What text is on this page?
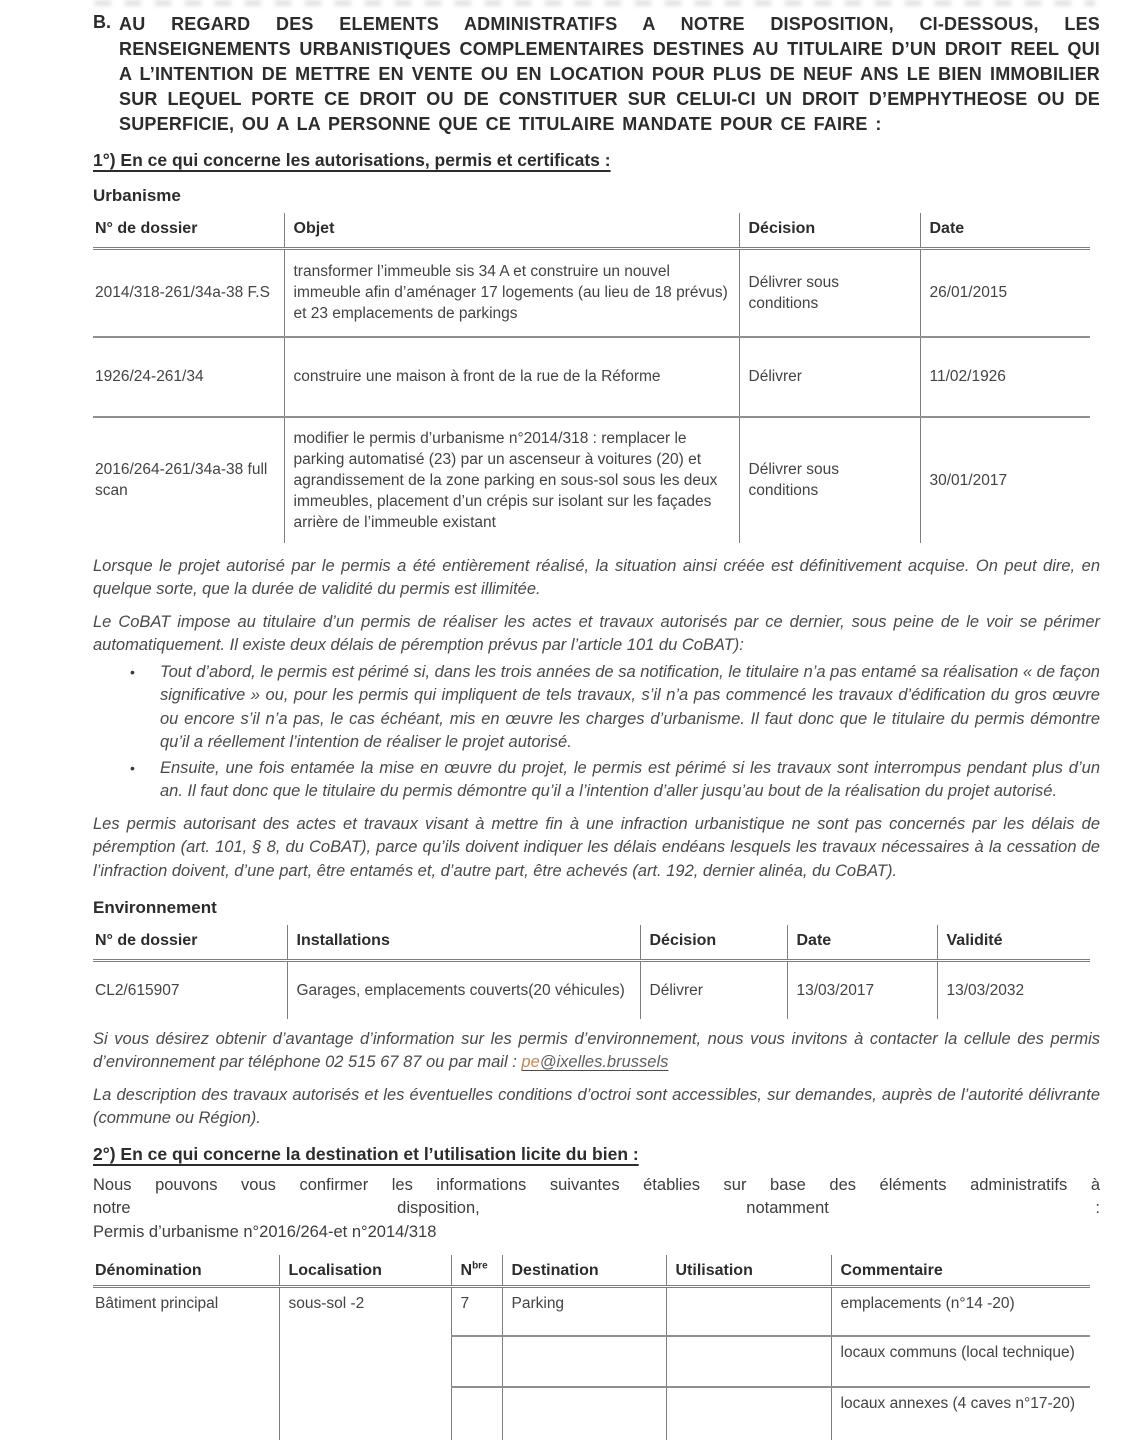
B. AU REGARD DES ELEMENTS ADMINISTRATIFS A NOTRE DISPOSITION, CI-DESSOUS, LES RENSEIGNEMENTS URBANISTIQUES COMPLEMENTAIRES DESTINES AU TITULAIRE D’UN DROIT REEL QUI A L’INTENTION DE METTRE EN VENTE OU EN LOCATION POUR PLUS DE NEUF ANS LE BIEN IMMOBILIER SUR LEQUEL PORTE CE DROIT OU DE CONSTITUER SUR CELUI-CI UN DROIT D’EMPHYTHEOSE OU DE SUPERFICIE, OU A LA PERSONNE QUE CE TITULAIRE MANDATE POUR CE FAIRE :
1°) En ce qui concerne les autorisations, permis et certificats :
Urbanisme
N° de dossier	Objet	Décision	Date
2014/318-261/34a-38 F.S	transformer l’immeuble sis 34 A et construire un nouvel immeuble afin d’aménager 17 logements (au lieu de 18 prévus) et 23 emplacements de parkings	Délivrer sous conditions	26/01/2015
1926/24-261/34	construire une maison à front de la rue de la Réforme	Délivrer	11/02/1926
2016/264-261/34a-38 full scan	modifier le permis d’urbanisme n°2014/318 : remplacer le parking automatisé (23) par un ascenseur à voitures (20) et agrandissement de la zone parking en sous-sol sous les deux immeubles, placement d’un crépis sur isolant sur les façades arrière de l’immeuble existant	Délivrer sous conditions	30/01/2017

Lorsque le projet autorisé par le permis a été entièrement réalisé, la situation ainsi créée est définitivement acquise. On peut dire, en quelque sorte, que la durée de validité du permis est illimitée.

Le CoBAT impose au titulaire d’un permis de réaliser les actes et travaux autorisés par ce dernier, sous peine de le voir se périmer automatiquement. Il existe deux délais de péremption prévus par l’article 101 du CoBAT):

• Tout d’abord, le permis est périmé si, dans les trois années de sa notification, le titulaire n’a pas entamé sa réalisation « de façon significative » ou, pour les permis qui impliquent de tels travaux, s’il n’a pas commencé les travaux d’édification du gros œuvre ou encore s’il n’a pas, le cas échéant, mis en œuvre les charges d’urbanisme. Il faut donc que le titulaire du permis démontre qu’il a réellement l’intention de réaliser le projet autorisé.
• Ensuite, une fois entamée la mise en œuvre du projet, le permis est périmé si les travaux sont interrompus pendant plus d’un an. Il faut donc que le titulaire du permis démontre qu’il a l’intention d’aller jusqu’au bout de la réalisation du projet autorisé.

Les permis autorisant des actes et travaux visant à mettre fin à une infraction urbanistique ne sont pas concernés par les délais de péremption (art. 101, § 8, du CoBAT), parce qu’ils doivent indiquer les délais endéans lesquels les travaux nécessaires à la cessation de l’infraction doivent, d’une part, être entamés et, d’autre part, être achevés (art. 192, dernier alinéa, du CoBAT).

Environnement
N° de dossier	Installations	Décision	Date	Validité
CL2/615907	Garages, emplacements couverts(20 véhicules)	Délivrer	13/03/2017	13/03/2032

Si vous désirez obtenir d’avantage d’information sur les permis d’environnement, nous vous invitons à contacter la cellule des permis d’environnement par téléphone 02 515 67 87 ou par mail : pe@ixelles.brussels

La description des travaux autorisés et les éventuelles conditions d’octroi sont accessibles, sur demandes, auprès de l’autorité délivrante (commune ou Région).

2°) En ce qui concerne la destination et l’utilisation licite du bien :
Nous pouvons vous confirmer les informations suivantes établies sur base des éléments administratifs à
notre	disposition,	notamment	:
Permis d’urbanisme n°2016/264-et n°2014/318
Dénomination	Localisation	$N^{bre}$	Destination	Utilisation	Commentaire
Bâtiment principal	sous-sol -2	7	Parking		emplacements (n°14 -20)
					locaux communs (local technique)
					locaux annexes (4 caves n°17-20)
